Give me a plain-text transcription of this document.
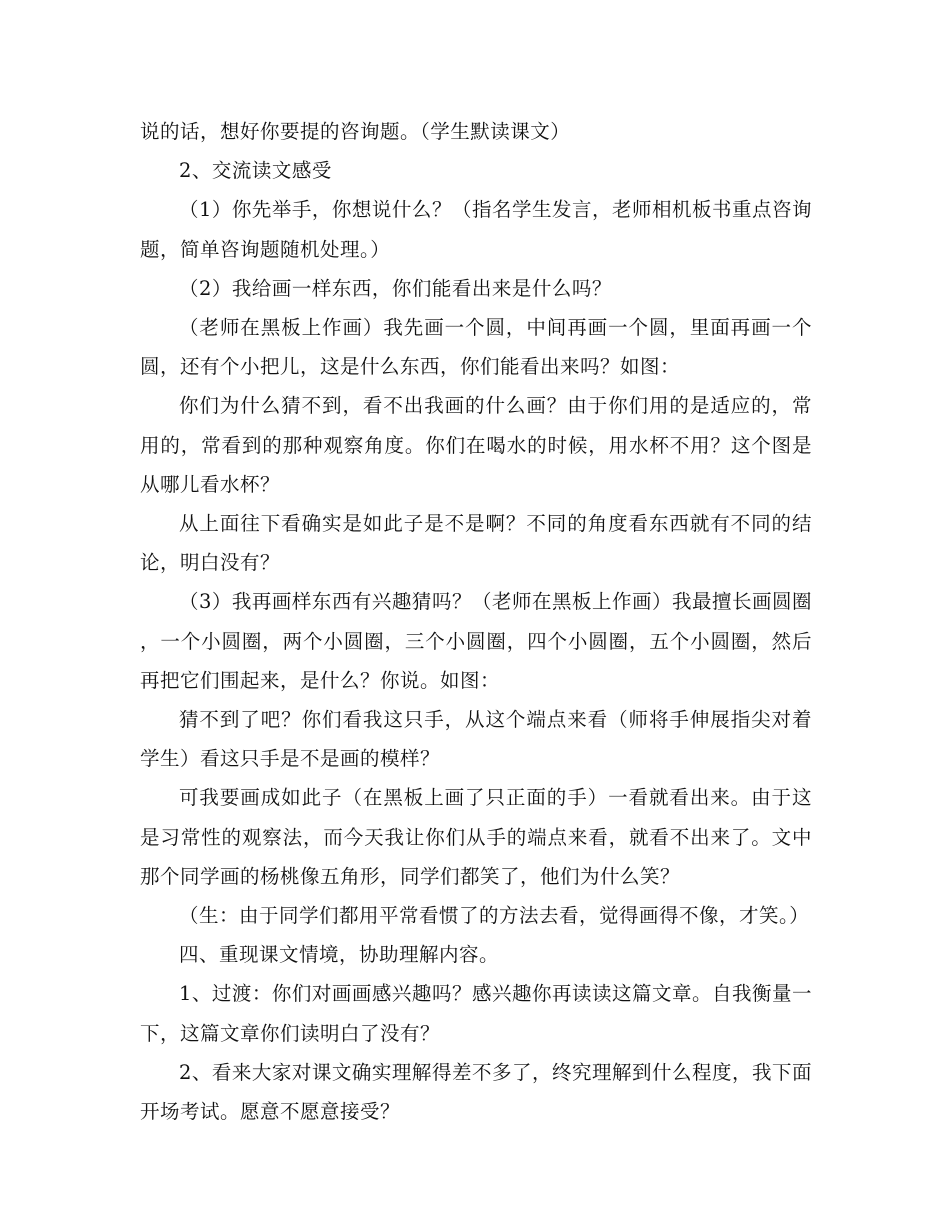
说的话，想好你要提的咨询题。（学生默读课文）

2、交流读文感受

（1）你先举手，你想说什么？（指名学生发言，老师相机板书重点咨询题，简单咨询题随机处理。）

（2）我给画一样东西，你们能看出来是什么吗？

（老师在黑板上作画）我先画一个圆，中间再画一个圆，里面再画一个圆，还有个小把儿，这是什么东西，你们能看出来吗？如图：

你们为什么猜不到，看不出我画的什么画？由于你们用的是适应的，常用的，常看到的那种观察角度。你们在喝水的时候，用水杯不用？这个图是从哪儿看水杯？

从上面往下看确实是如此子是不是啊？不同的角度看东西就有不同的结论，明白没有？

（3）我再画样东西有兴趣猜吗？（老师在黑板上作画）我最擅长画圆圈，一个小圆圈，两个小圆圈，三个小圆圈，四个小圆圈，五个小圆圈，然后再把它们围起来，是什么？你说。如图：

猜不到了吧？你们看我这只手，从这个端点来看（师将手伸展指尖对着学生）看这只手是不是画的模样？

可我要画成如此子（在黑板上画了只正面的手）一看就看出来。由于这是习常性的观察法，而今天我让你们从手的端点来看，就看不出来了。文中那个同学画的杨桃像五角形，同学们都笑了，他们为什么笑？

（生：由于同学们都用平常看惯了的方法去看，觉得画得不像，才笑。）

四、重现课文情境，协助理解内容。

1、过渡：你们对画画感兴趣吗？感兴趣你再读读这篇文章。自我衡量一下，这篇文章你们读明白了没有？

2、看来大家对课文确实理解得差不多了，终究理解到什么程度，我下面开场考试。愿意不愿意接受？
